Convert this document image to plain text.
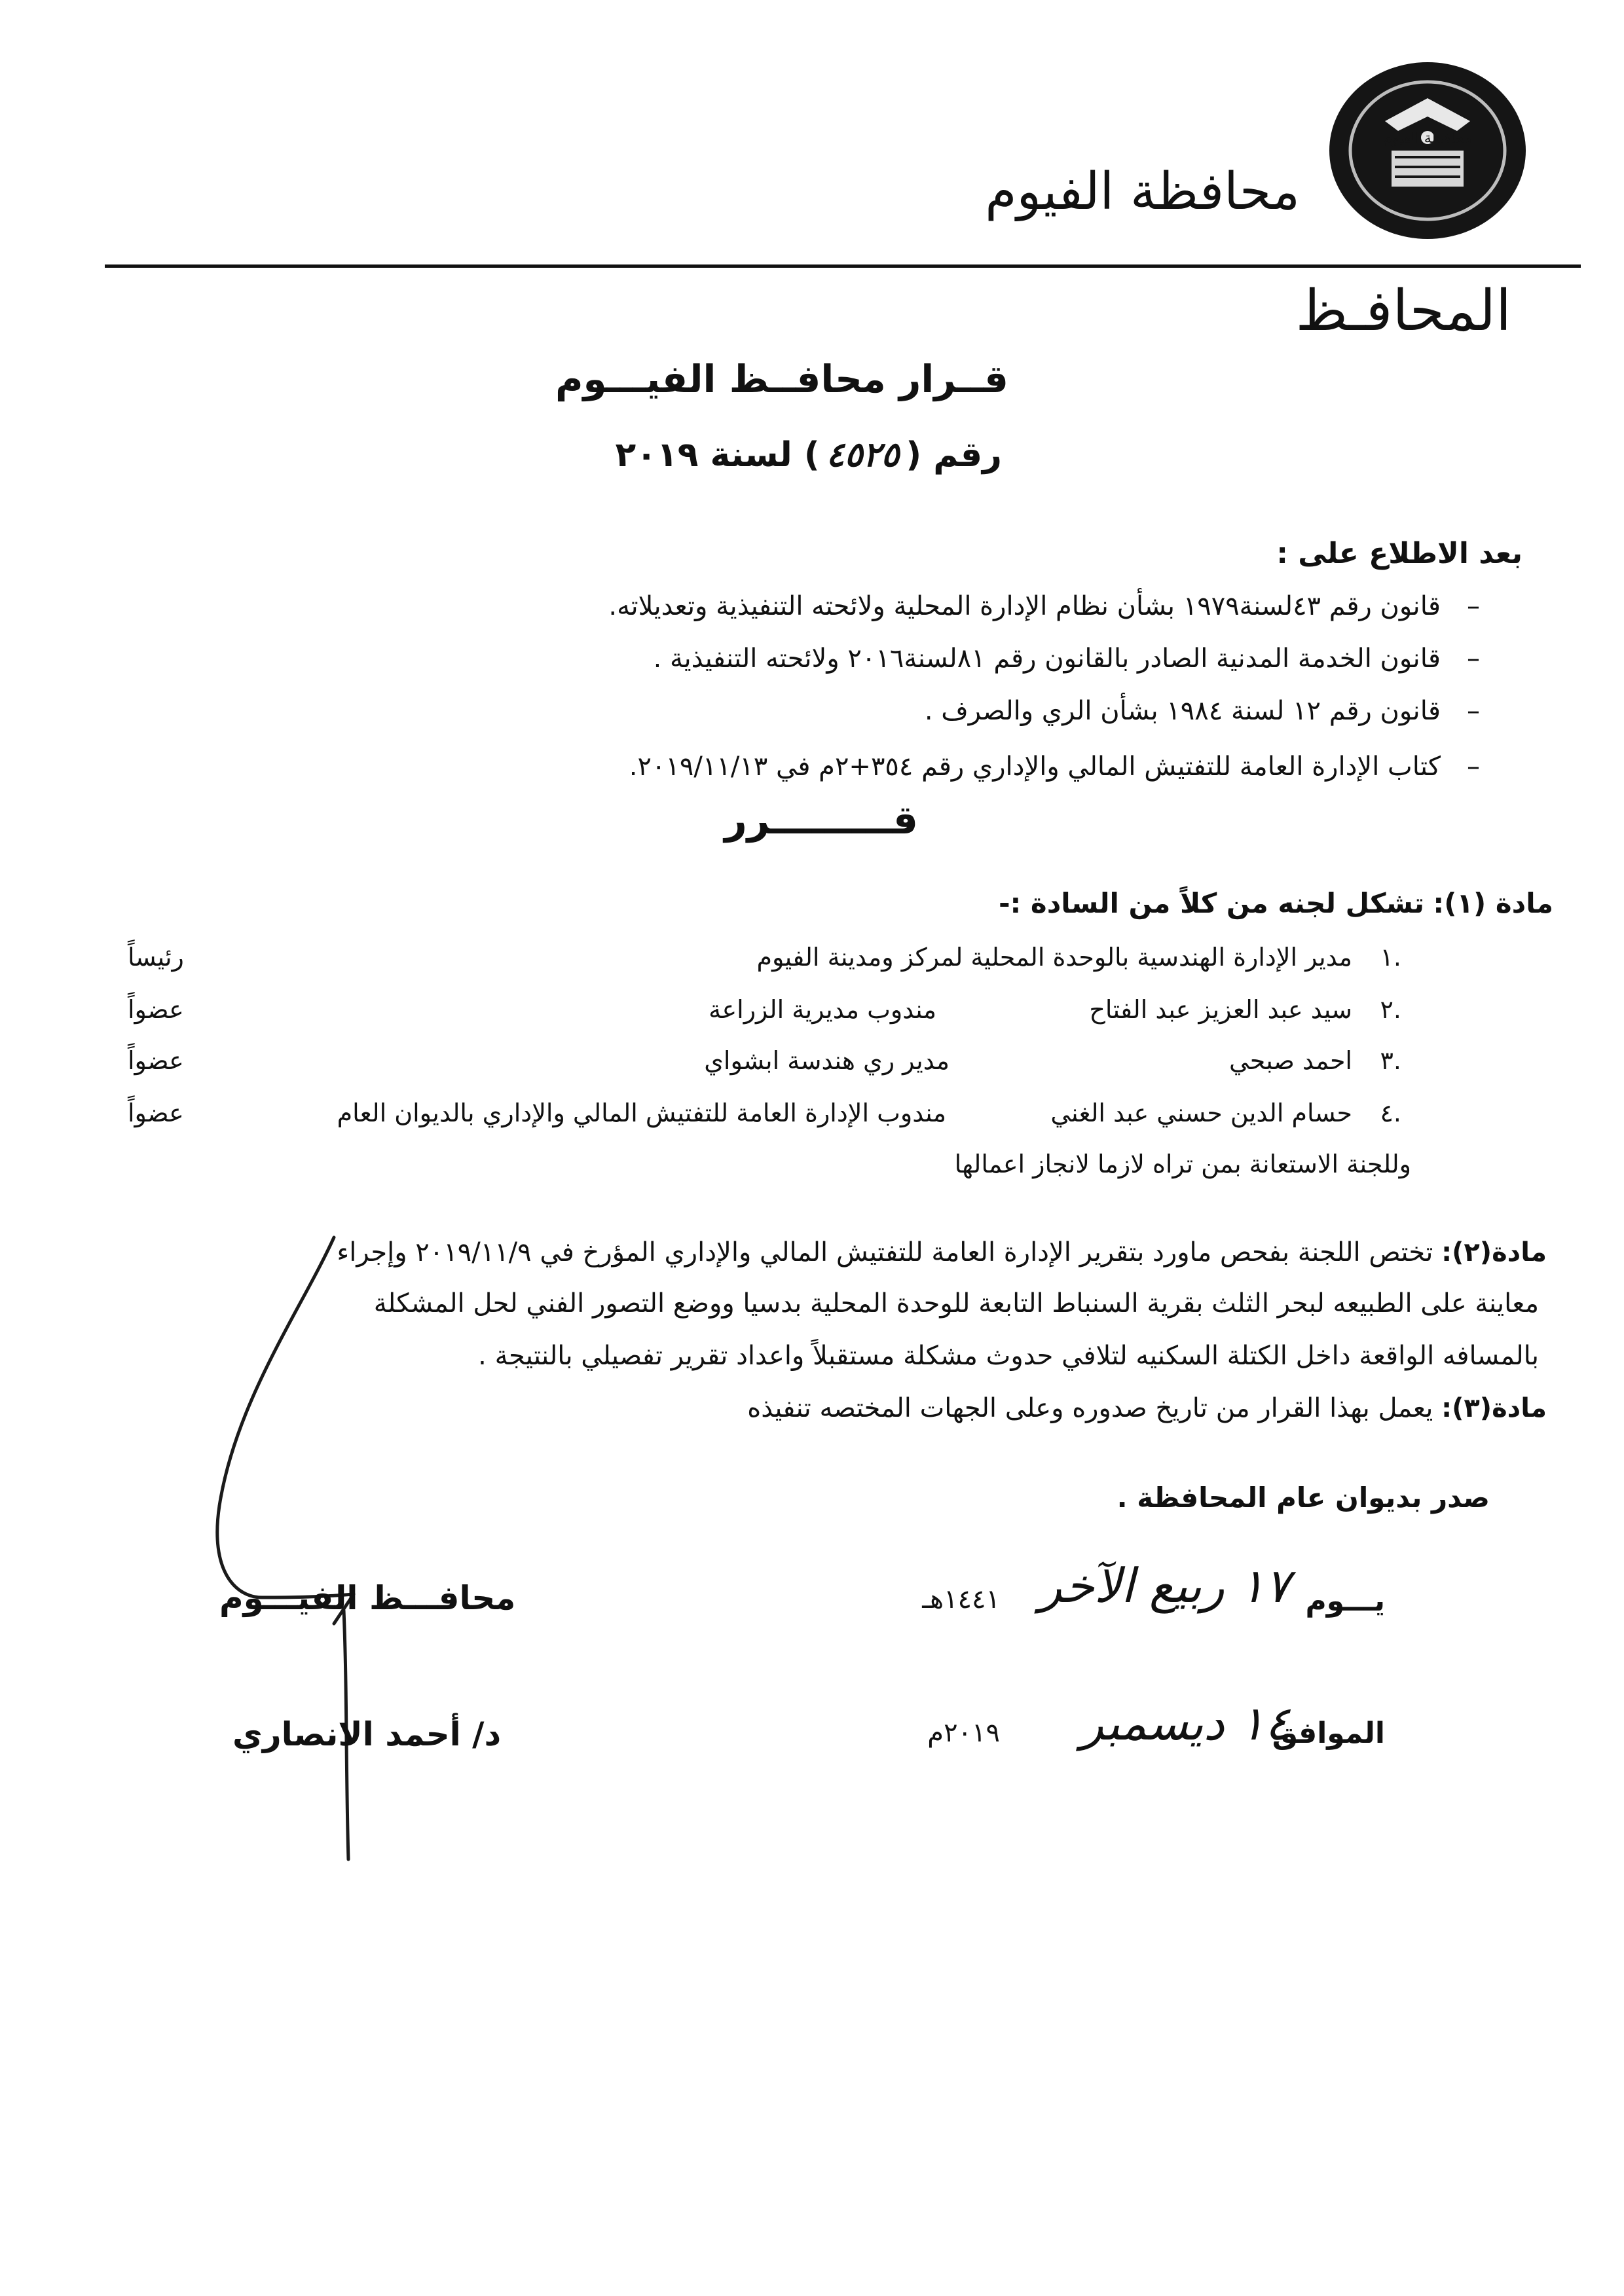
محافظة الفيوم
محافظة الفيوم
المحافـظ
قــرار محافــظ الفيـــوم
رقم (٤٥٢٥) لسنة ٢٠١٩
بعد الاطلاع على :
–قانون رقم ٤٣لسنة١٩٧٩ بشأن نظام الإدارة المحلية ولائحته التنفيذية وتعديلاته.
–قانون الخدمة المدنية الصادر بالقانون رقم ٨١لسنة٢٠١٦ ولائحته التنفيذية .
–قانون رقم ١٢ لسنة ١٩٨٤ بشأن الري والصرف .
–كتاب الإدارة العامة للتفتيش المالي والإداري رقم ٣٥٤+٢م في ٢٠١٩/١١/١٣.
قـــــــــرر
مادة (١): تشكل لجنه من كلاً من السادة :-
١.
مدير الإدارة الهندسية بالوحدة المحلية لمركز ومدينة الفيوم
رئيساً
٢.
سيد عبد العزيز عبد الفتاح
مندوب مديرية الزراعة
عضواً
٣.
احمد صبحي
مدير ري هندسة ابشواي
عضواً
٤.
حسام الدين حسني عبد الغني
مندوب الإدارة العامة للتفتيش المالي والإداري بالديوان العام
عضواً
وللجنة الاستعانة بمن تراه لازما لانجاز اعمالها
مادة(٢): تختص اللجنة بفحص ماورد بتقرير الإدارة العامة للتفتيش المالي والإداري المؤرخ في ٢٠١٩/١١/٩ وإجراء
معاينة على الطبيعه لبحر الثلث بقرية السنباط التابعة للوحدة المحلية بدسيا ووضع التصور الفني لحل المشكلة
بالمسافه الواقعة داخل الكتلة السكنيه لتلافي حدوث مشكلة مستقبلاً واعداد تقرير تفصيلي بالنتيجة .
مادة(٣): يعمل بهذا القرار من تاريخ صدوره وعلى الجهات المختصه تنفيذه
صدر بديوان عام المحافظة .
يـــوم
١٧ ربيع الآخر
١٤٤١هـ
الموافق
١٤ ديسمبر
٢٠١٩م
محافـــظ الفيـــوم
د/ أحمد الانصاري
